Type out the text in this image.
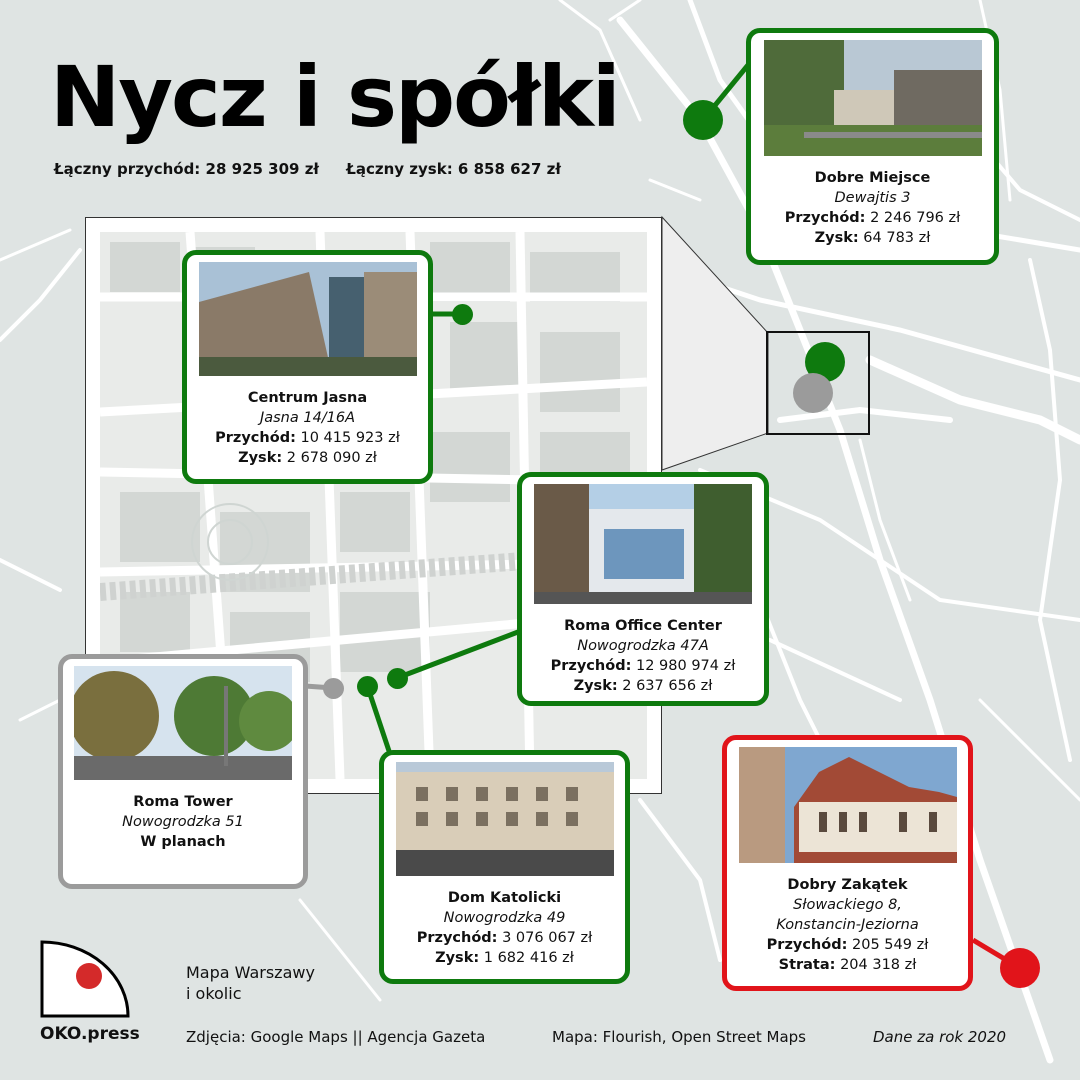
Nycz i spółki
Łączny przychód: 28 925 309 zł Łączny zysk: 6 858 627 zł	Dobre Miejsce
Dewajtis 3
Przychód: 2 246 796 zł
Zysk: 64 783 zł
Centrum Jasna
Jasna 14/16A
Przychód: 10 415 923 zł
Zysk: 2 678 090 zł
Roma Office Center
Nowogrodzka 47A
Przychód: 12 980 974 zł
Zysk: 2 637 656 zł
Roma Tower
Nowogrodzka 51
W planach
Dom Katolicki
Nowogrodzka 49
Przychód: 3 076 067 zł
Zysk: 1 682 416 zł
Dobry Zakątek
Słowackiego 8,
Konstancin-Jeziorna
Przychód: 205 549 zł
Strata: 204 318 zł
OKO.press
Mapa Warszawy
i okolic
Zdjęcia: Google Maps || Agencja Gazeta	Mapa: Flourish, Open Street Maps	Dane za rok 2020
